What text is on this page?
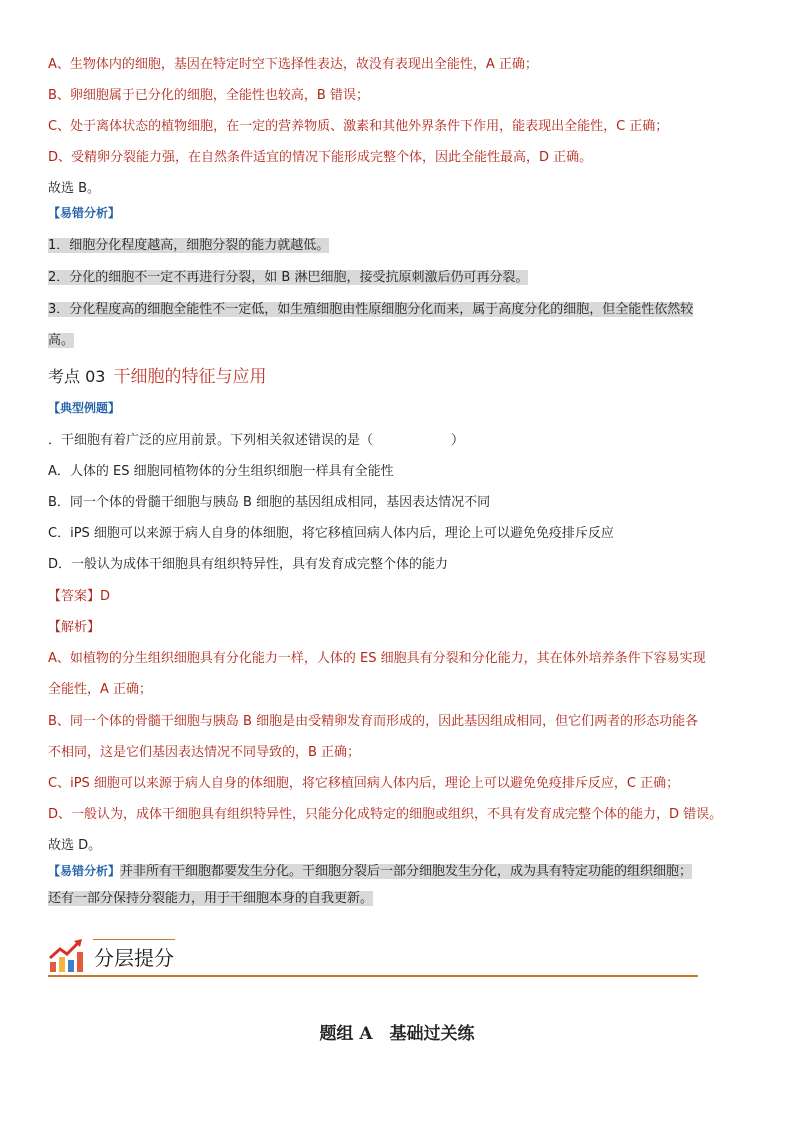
A、生物体内的细胞，基因在特定时空下选择性表达，故没有表现出全能性，A 正确；
B、卵细胞属于已分化的细胞，全能性也较高，B 错误；
C、处于离体状态的植物细胞，在一定的营养物质、激素和其他外界条件下作用，能表现出全能性，C 正确；
D、受精卵分裂能力强，在自然条件适宜的情况下能形成完整个体，因此全能性最高，D 正确。
故选 B。
【易错分析】
1．细胞分化程度越高，细胞分裂的能力就越低。
2．分化的细胞不一定不再进行分裂，如 B 淋巴细胞，接受抗原刺激后仍可再分裂。
3．分化程度高的细胞全能性不一定低，如生殖细胞由性原细胞分化而来，属于高度分化的细胞，但全能性依然较
高。
考点 03 干细胞的特征与应用
【典型例题】
．干细胞有着广泛的应用前景。下列相关叙述错误的是（　　　　　　）
A．人体的 ES 细胞同植物体的分生组织细胞一样具有全能性
B．同一个体的骨髓干细胞与胰岛 B 细胞的基因组成相同，基因表达情况不同
C．iPS 细胞可以来源于病人自身的体细胞，将它移植回病人体内后，理论上可以避免免疫排斥反应
D．一般认为成体干细胞具有组织特异性，具有发育成完整个体的能力
【答案】D
【解析】
A、如植物的分生组织细胞具有分化能力一样，人体的 ES 细胞具有分裂和分化能力，其在体外培养条件下容易实现
全能性，A 正确；
B、同一个体的骨髓干细胞与胰岛 B 细胞是由受精卵发育而形成的，因此基因组成相同，但它们两者的形态功能各
不相同，这是它们基因表达情况不同导致的，B 正确；
C、iPS 细胞可以来源于病人自身的体细胞，将它移植回病人体内后，理论上可以避免免疫排斥反应，C 正确；
D、一般认为，成体干细胞具有组织特异性，只能分化成特定的细胞或组织，不具有发育成完整个体的能力，D 错误。
故选 D。
【易错分析】并非所有干细胞都要发生分化。干细胞分裂后一部分细胞发生分化，成为具有特定功能的组织细胞；
还有一部分保持分裂能力，用于干细胞本身的自我更新。
分层提分
题组 A　基础过关练
